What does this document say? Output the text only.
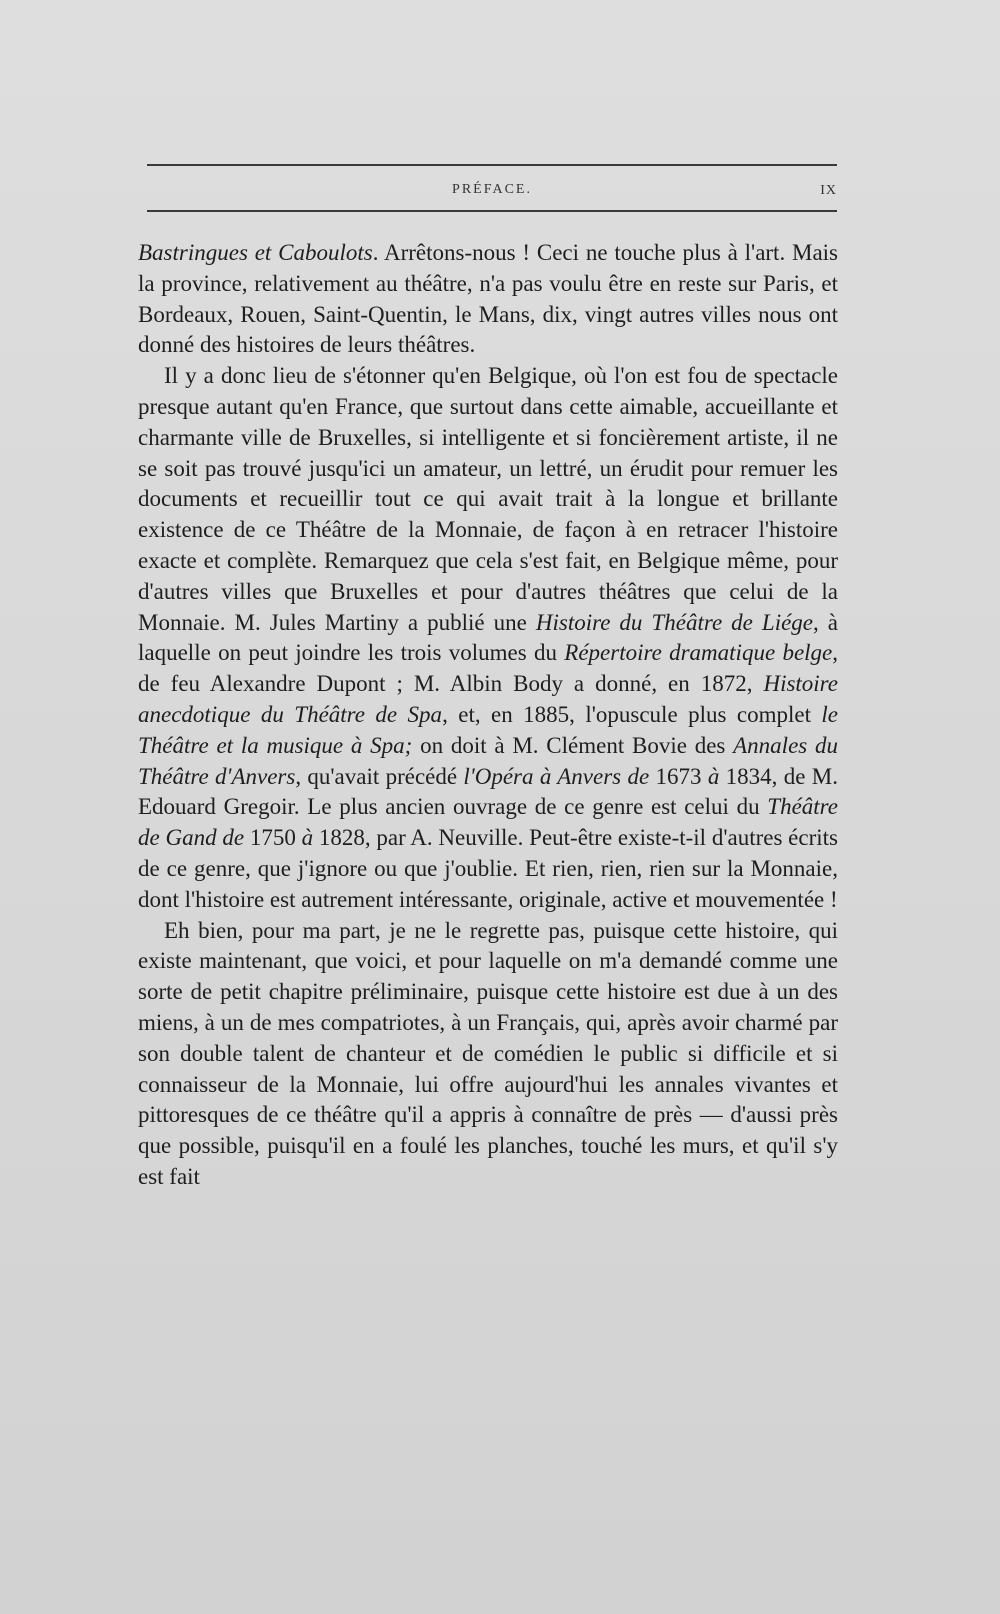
PRÉFACE.	IX

Bastringues et Caboulots. Arrêtons-nous ! Ceci ne touche plus à l'art. Mais la province, relativement au théâtre, n'a pas voulu être en reste sur Paris, et Bordeaux, Rouen, Saint-Quentin, le Mans, dix, vingt autres villes nous ont donné des histoires de leurs théâtres.

Il y a donc lieu de s'étonner qu'en Belgique, où l'on est fou de spectacle presque autant qu'en France, que surtout dans cette aimable, accueillante et charmante ville de Bruxelles, si intelligente et si foncièrement artiste, il ne se soit pas trouvé jusqu'ici un amateur, un lettré, un érudit pour remuer les documents et recueillir tout ce qui avait trait à la longue et brillante existence de ce Théâtre de la Monnaie, de façon à en retracer l'histoire exacte et complète. Remarquez que cela s'est fait, en Belgique même, pour d'autres villes que Bruxelles et pour d'autres théâtres que celui de la Monnaie. M. Jules Martiny a publié une Histoire du Théâtre de Liége, à laquelle on peut joindre les trois volumes du Répertoire dramatique belge, de feu Alexandre Dupont ; M. Albin Body a donné, en 1872, Histoire anecdotique du Théâtre de Spa, et, en 1885, l'opuscule plus complet le Théâtre et la musique à Spa; on doit à M. Clément Bovie des Annales du Théâtre d'Anvers, qu'avait précédé l'Opéra à Anvers de 1673 à 1834, de M. Edouard Gregoir. Le plus ancien ouvrage de ce genre est celui du Théâtre de Gand de 1750 à 1828, par A. Neuville. Peut-être existe-t-il d'autres écrits de ce genre, que j'ignore ou que j'oublie. Et rien, rien, rien sur la Monnaie, dont l'histoire est autrement intéressante, originale, active et mouvementée !

Eh bien, pour ma part, je ne le regrette pas, puisque cette histoire, qui existe maintenant, que voici, et pour laquelle on m'a demandé comme une sorte de petit chapitre préliminaire, puisque cette histoire est due à un des miens, à un de mes compatriotes, à un Français, qui, après avoir charmé par son double talent de chanteur et de comédien le public si difficile et si connaisseur de la Monnaie, lui offre aujourd'hui les annales vivantes et pittoresques de ce théâtre qu'il a appris à connaître de près — d'aussi près que possible, puisqu'il en a foulé les planches, touché les murs, et qu'il s'y est fait
